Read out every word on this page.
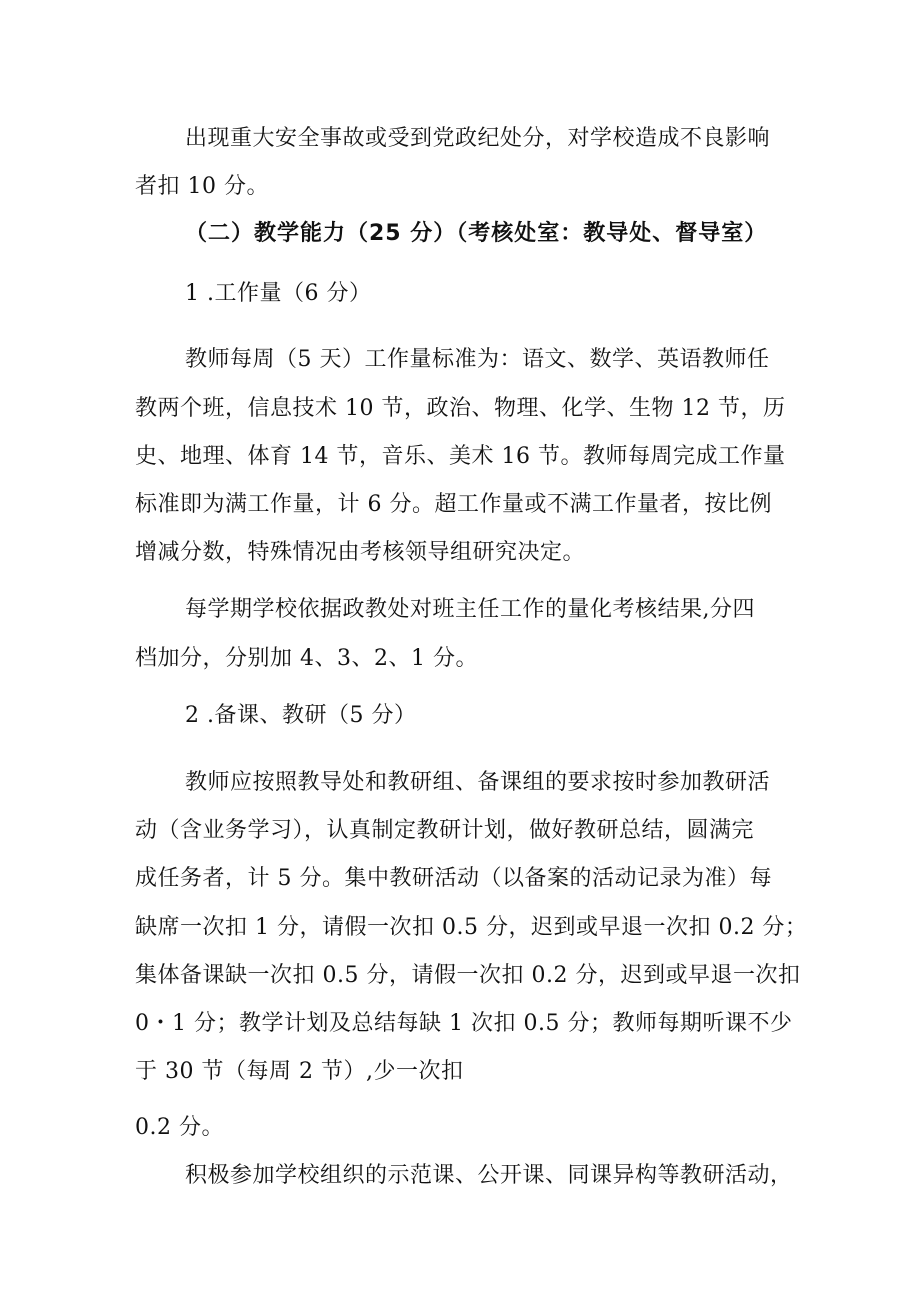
出现重大安全事故或受到党政纪处分，对学校造成不良影响
者扣 10 分。
（二）教学能力（25 分）（考核处室：教导处、督导室）
1 .工作量（6 分）
教师每周（5 天）工作量标准为：语文、数学、英语教师任
教两个班，信息技术 10 节，政治、物理、化学、生物 12 节，历
史、地理、体育 14 节，音乐、美术 16 节。教师每周完成工作量
标准即为满工作量，计 6 分。超工作量或不满工作量者，按比例
增减分数，特殊情况由考核领导组研究决定。
每学期学校依据政教处对班主任工作的量化考核结果,分四
档加分，分别加 4、3、2、1 分。
2 .备课、教研（5 分）
教师应按照教导处和教研组、备课组的要求按时参加教研活
动（含业务学习），认真制定教研计划，做好教研总结，圆满完
成任务者，计 5 分。集中教研活动（以备案的活动记录为准）每
缺席一次扣 1 分，请假一次扣 0.5 分，迟到或早退一次扣 0.2 分；
集体备课缺一次扣 0.5 分，请假一次扣 0.2 分，迟到或早退一次扣
0・1 分；教学计划及总结每缺 1 次扣 0.5 分；教师每期听课不少
于 30 节（每周 2 节）,少一次扣
0.2 分。
积极参加学校组织的示范课、公开课、同课异构等教研活动，
